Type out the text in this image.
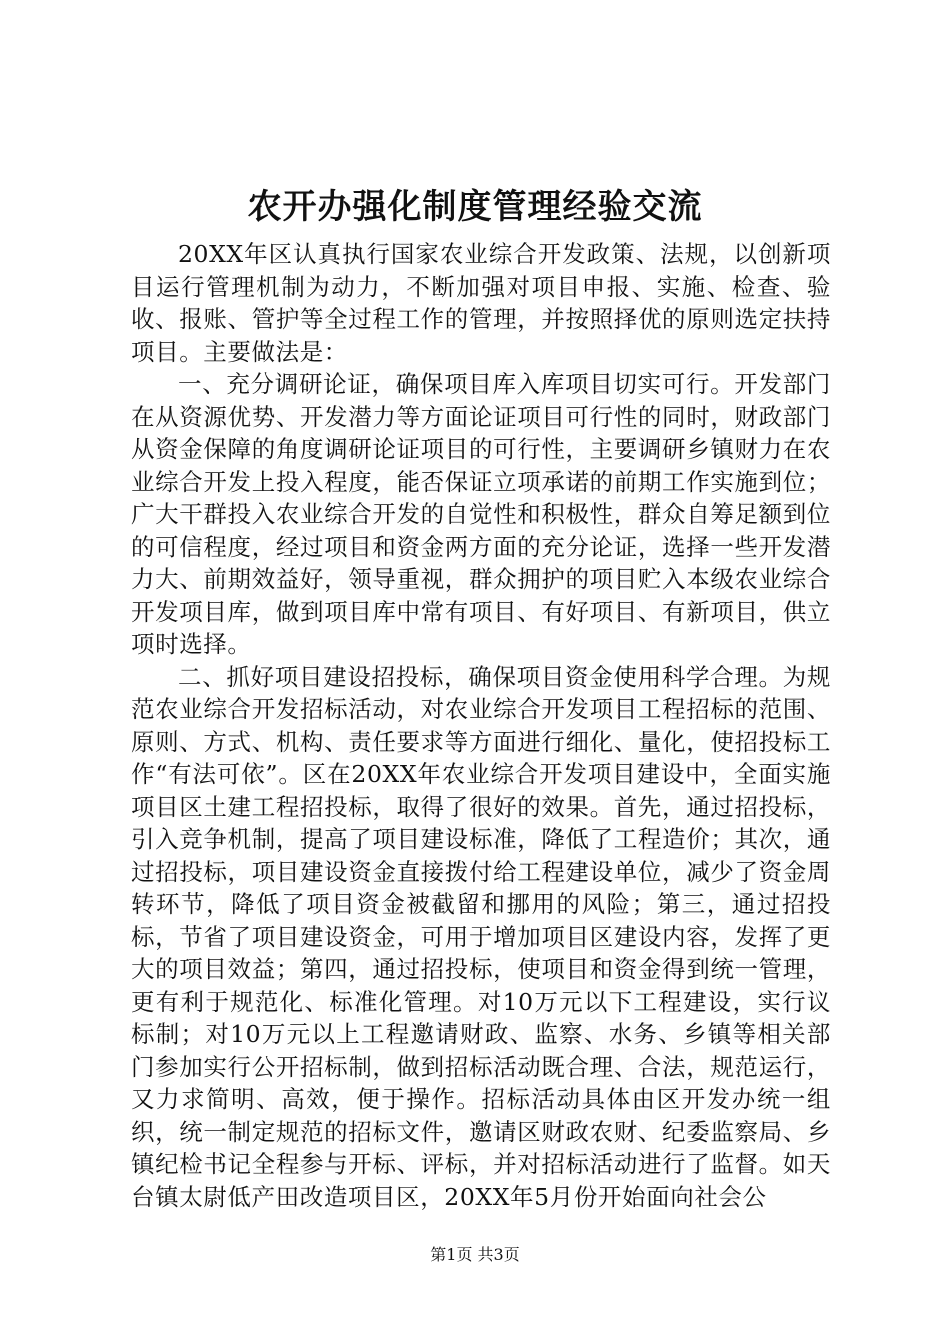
农开办强化制度管理经验交流

20XX年区认真执行国家农业综合开发政策、法规，以创新项目运行管理机制为动力，不断加强对项目申报、实施、检查、验收、报账、管护等全过程工作的管理，并按照择优的原则选定扶持项目。主要做法是：

一、充分调研论证，确保项目库入库项目切实可行。开发部门在从资源优势、开发潜力等方面论证项目可行性的同时，财政部门从资金保障的角度调研论证项目的可行性，主要调研乡镇财力在农业综合开发上投入程度，能否保证立项承诺的前期工作实施到位；广大干群投入农业综合开发的自觉性和积极性，群众自筹足额到位的可信程度，经过项目和资金两方面的充分论证，选择一些开发潜力大、前期效益好，领导重视，群众拥护的项目贮入本级农业综合开发项目库，做到项目库中常有项目、有好项目、有新项目，供立项时选择。

二、抓好项目建设招投标，确保项目资金使用科学合理。为规范农业综合开发招标活动，对农业综合开发项目工程招标的范围、原则、方式、机构、责任要求等方面进行细化、量化，使招投标工作“有法可依”。区在20XX年农业综合开发项目建设中，全面实施项目区土建工程招投标，取得了很好的效果。首先，通过招投标，引入竞争机制，提高了项目建设标准，降低了工程造价；其次，通过招投标，项目建设资金直接拨付给工程建设单位，减少了资金周转环节，降低了项目资金被截留和挪用的风险；第三，通过招投标，节省了项目建设资金，可用于增加项目区建设内容，发挥了更大的项目效益；第四，通过招投标，使项目和资金得到统一管理，更有利于规范化、标准化管理。对10万元以下工程建设，实行议标制；对10万元以上工程邀请财政、监察、水务、乡镇等相关部门参加实行公开招标制，做到招标活动既合理、合法，规范运行，又力求简明、高效，便于操作。招标活动具体由区开发办统一组织，统一制定规范的招标文件，邀请区财政农财、纪委监察局、乡镇纪检书记全程参与开标、评标，并对招标活动进行了监督。如天台镇太尉低产田改造项目区，20XX年5月份开始面向社会公

第1页 共3页
